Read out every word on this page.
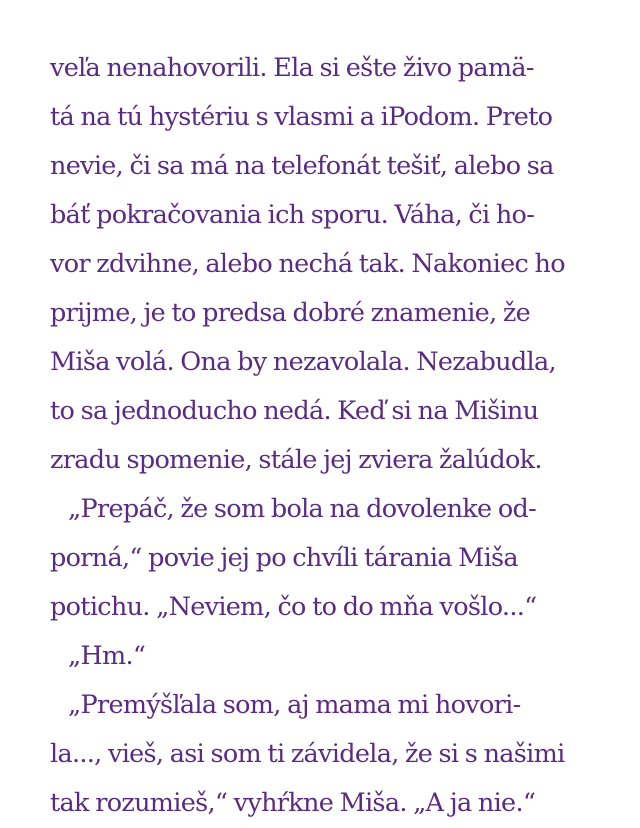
veľa nenahovorili. Ela si ešte živo pamä-
tá na tú hystériu s vlasmi a iPodom. Preto
nevie, či sa má na telefonát tešiť, alebo sa
báť pokračovania ich sporu. Váha, či ho-
vor zdvihne, alebo nechá tak. Nakoniec ho
prijme, je to predsa dobré znamenie, že
Miša volá. Ona by nezavolala. Nezabudla,
to sa jednoducho nedá. Keď si na Mišinu
zradu spomenie, stále jej zviera žalúdok.
„Prepáč, že som bola na dovolenke od-
porná,“ povie jej po chvíli tárania Miša
potichu. „Neviem, čo to do mňa vošlo...“
„Hm.“
„Premýšľala som, aj mama mi hovori-
la..., vieš, asi som ti závidela, že si s našimi
tak rozumieš,“ vyhŕkne Miša. „A ja nie.“
